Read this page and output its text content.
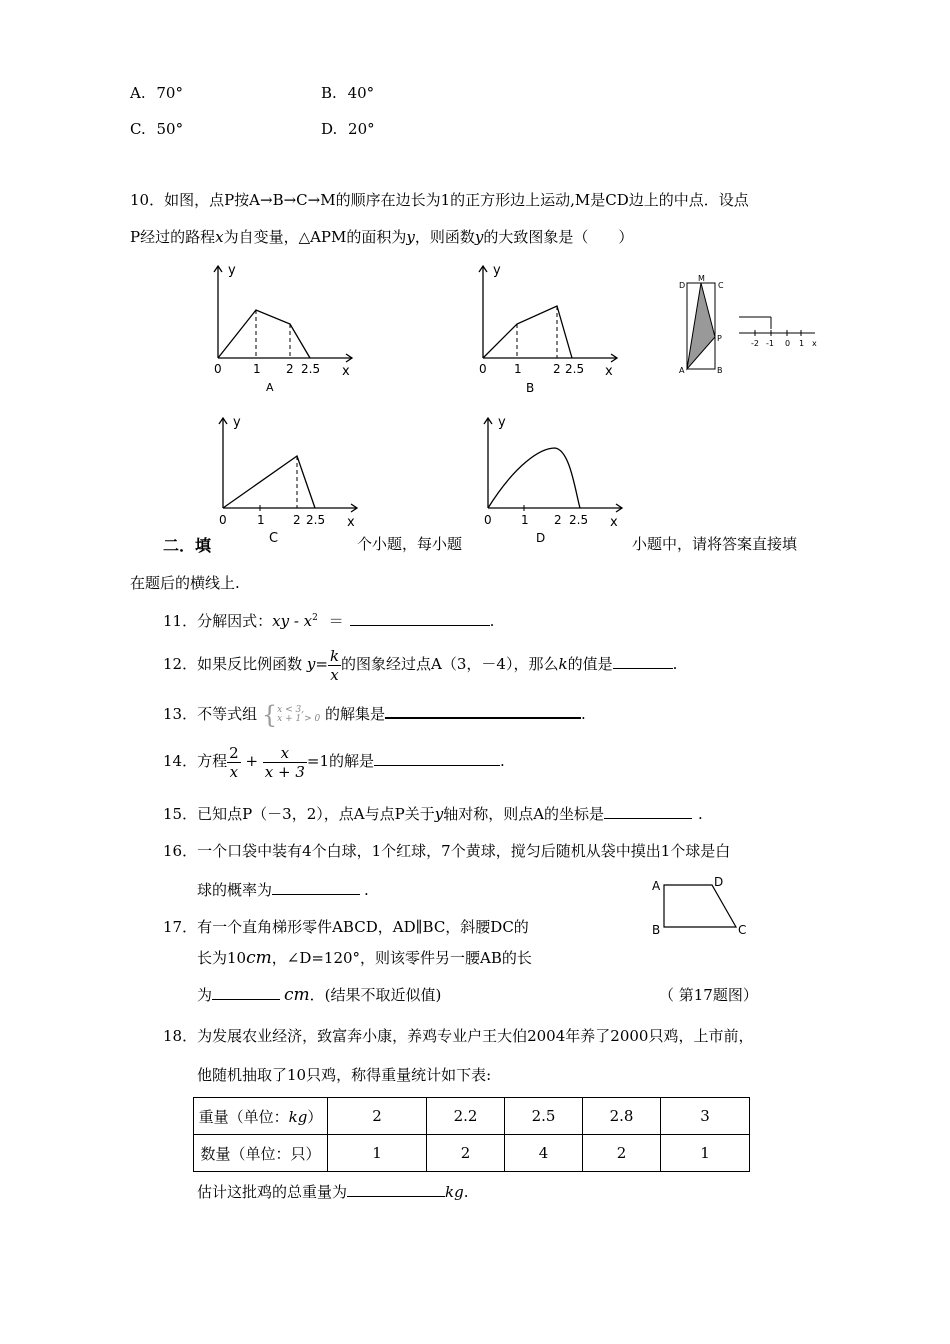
A. 70°	B. 40°
C. 50°	D. 20°
10．如图，点P按A→B→C→M的顺序在边长为1的正方形边上运动,M是CD边上的中点．设点
P经过的路程x为自变量，△APM的面积为y，则函数y的大致图象是（　　）
y
x
0	1 2 2.5
A
y
x
0 1	2 2.5
B
D
M
C
P
A	B
-2 -1 0 1 x
y
x
0	1 2 2.5
C
y
x
0 1 2 2.5
D
二．填	个小题，每小题	小题中，请将答案直接填
在题后的横线上.
11．分解因式：xy - $x^2$ ＝	.
12．如果反比例函数 $y= \frac{k}{x}$ 的图象经过点A（3，－4），那么k的值是	.
13．不等式组 { x < 3,
x + 1 > 0 的解集是	.
14．方程 $\frac{2}{x} + \frac{x}{x + 3} =1$的解是	.
15．已知点P（－3，2），点A与点P关于y轴对称，则点A的坐标是	.
16．一个口袋中装有4个白球，1个红球，7个黄球，搅匀后随机从袋中摸出1个球是白
球的概率为	.
17．有一个直角梯形零件ABCD，AD∥BC，斜腰DC的
长为10cm，∠D=120°，则该零件另一腰AB的长
为	cm．(结果不取近似值)
A	D
B	C
（ 第17题图）
18．为发展农业经济，致富奔小康，养鸡专业户王大伯2004年养了2000只鸡，上市前，
他随机抽取了10只鸡，称得重量统计如下表:
重量（单位：kg）	2	2.2	2.5	2.8	3
数量（单位：只）	1	2	4	2	1
估计这批鸡的总重量为	kg.
